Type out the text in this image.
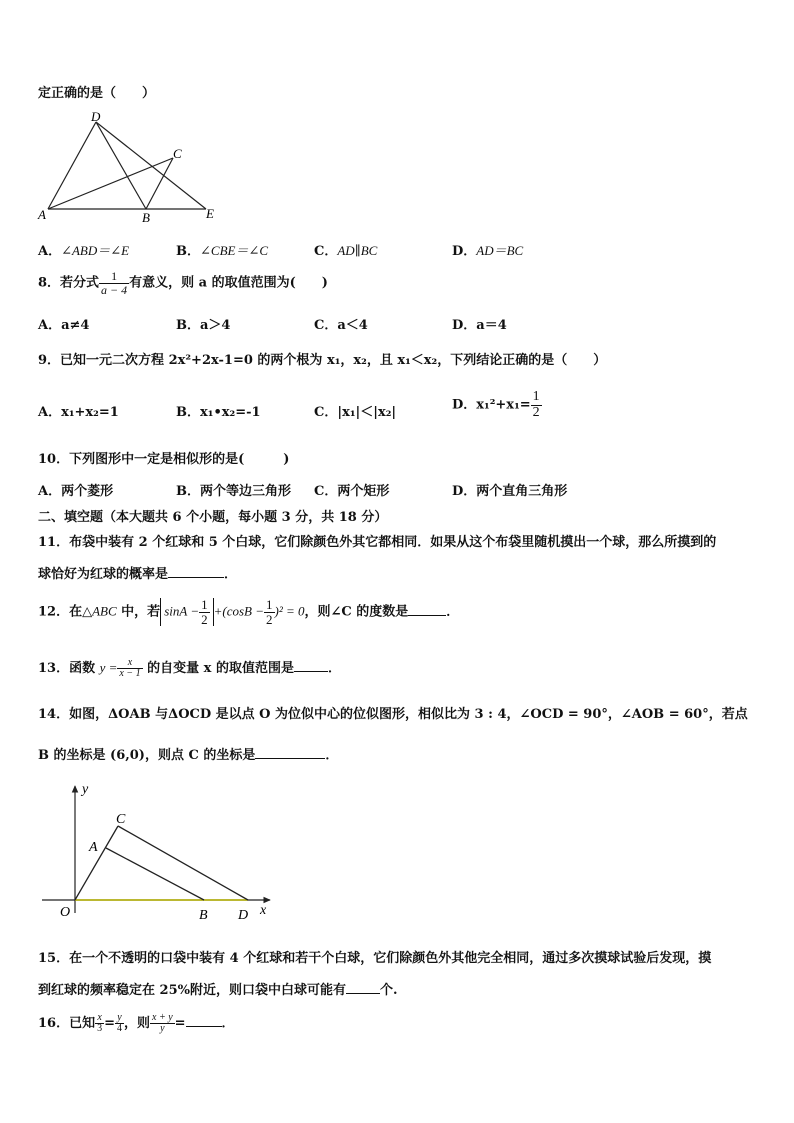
定正确的是（　　）
D
C
A	B	E
A．∠ABD＝∠E	B．∠CBE＝∠C	C．AD∥BC	D．AD＝BC
8．若分式 $\frac{1}{a - 4}$ 有意义，则 a 的取值范围为(　　)
A．a≠4	B．a＞4	C．a＜4	D．a＝4
9．已知一元二次方程 2x²+2x-1=0 的两个根为 x₁，x₂，且 x₁＜x₂，下列结论正确的是（　　）
A．x₁+x₂=1	B．x₁•x₂=-1	C．|x₁|＜|x₂|	D．$x_1^2+x_1= \frac{1}{2}$
10．下列图形中一定是相似形的是(　　　)
A．两个菱形	B．两个等边三角形 C．两个矩形	D．两个直角三角形
二、填空题（本大题共 6 个小题，每小题 3 分，共 18 分）
11．布袋中装有 2 个红球和 5 个白球，它们除颜色外其它都相同．如果从这个布袋里随机摸出一个球，那么所摸到的
球恰好为红球的概率是	．
12．在△ABC 中，若 $\sin A - \frac{1}{2} +(\cos B - \frac{1}{2} )^2 = 0$，则∠C 的度数是	．
13．函数 $y = \frac{x}{x - 1}$ 的自变量 x 的取值范围是	．
14．如图，ΔOAB 与ΔOCD 是以点 O 为位似中心的位似图形，相似比为 3 : 4，∠OCD = 90°，∠AOB = 60°，若点
B 的坐标是 (6,0)，则点 C 的坐标是	．
y
x
C
A
O	B D
15．在一个不透明的口袋中装有 4 个红球和若干个白球，它们除颜色外其他完全相同，通过多次摸球试验后发现，摸
到红球的频率稳定在 25%附近，则口袋中白球可能有	个.
16．已知 $\frac{x}{3} = \frac{y}{4}$ ，则 $\frac{x + y}{y}$ =	．
